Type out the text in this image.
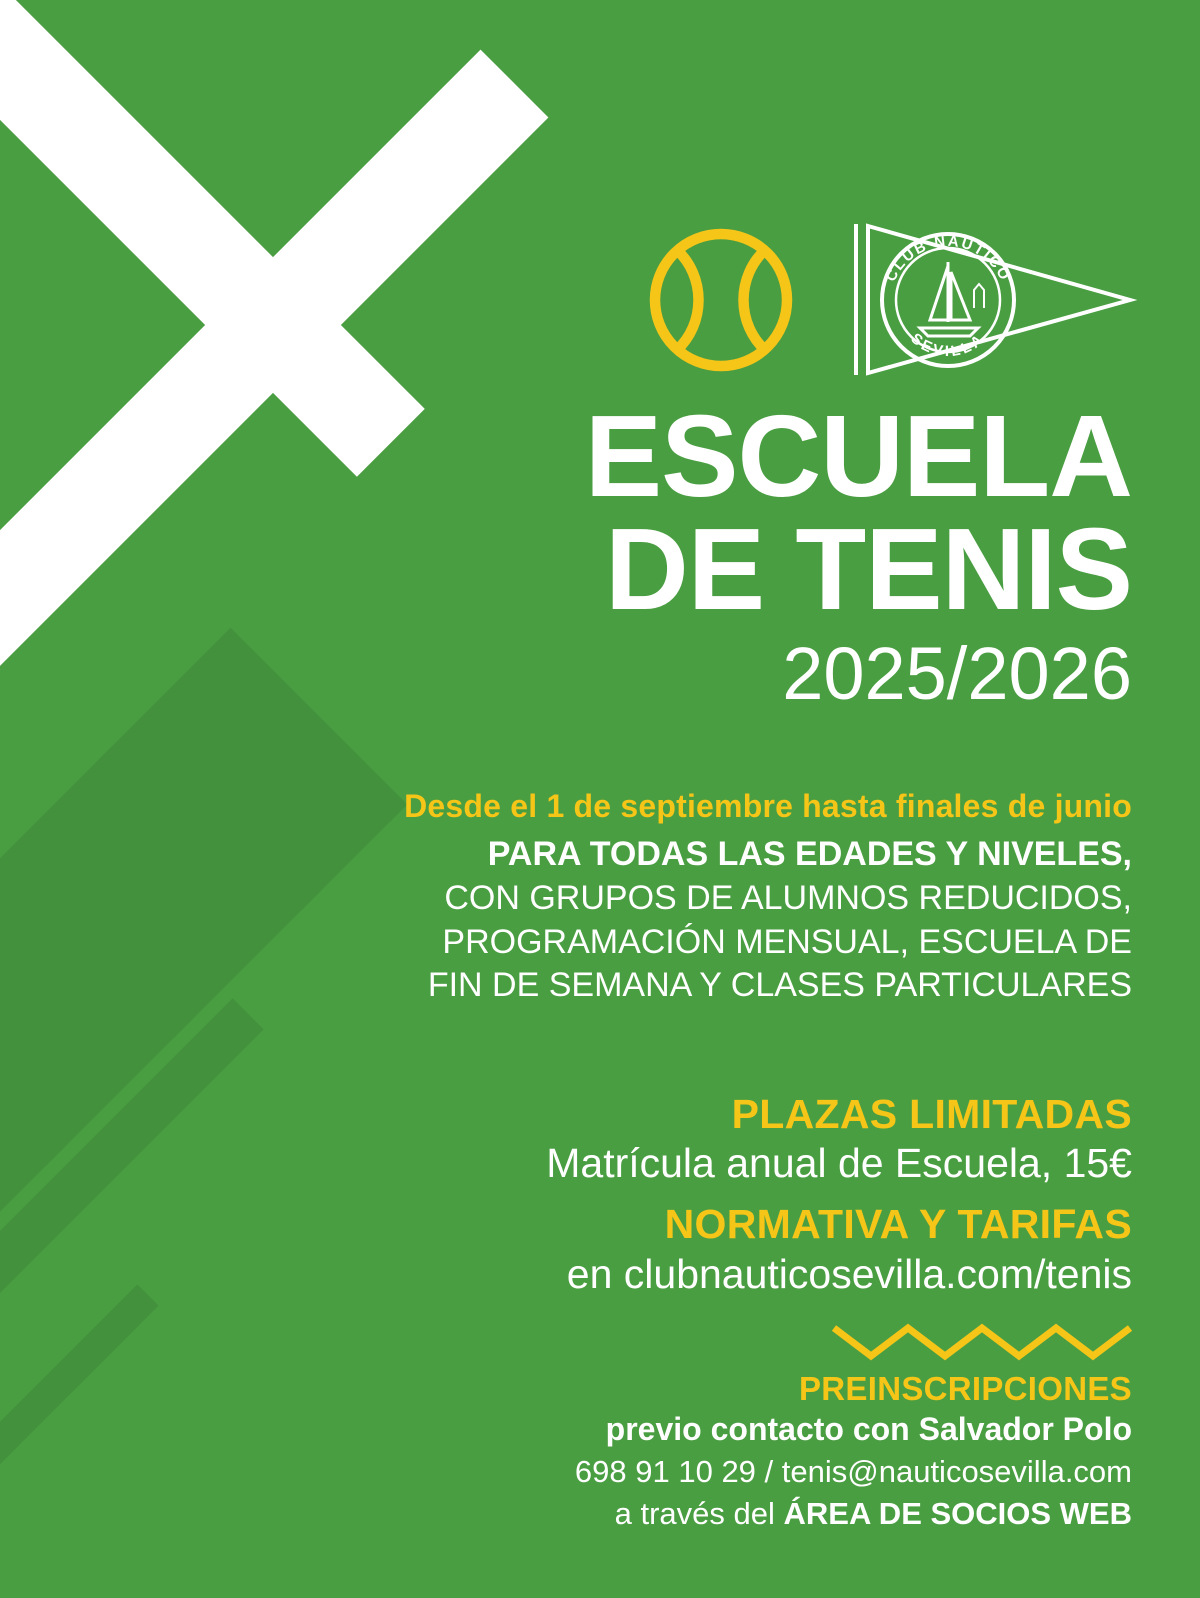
CLUB NÁUTICO
SEVILLA
ESCUELA
DE TENIS
2025/2026
Desde el 1 de septiembre hasta finales de junio
PARA TODAS LAS EDADES Y NIVELES,
CON GRUPOS DE ALUMNOS REDUCIDOS,
PROGRAMACIÓN MENSUAL, ESCUELA DE
FIN DE SEMANA Y CLASES PARTICULARES
PLAZAS LIMITADAS
Matrícula anual de Escuela, 15€
NORMATIVA Y TARIFAS
en clubnauticosevilla.com/tenis
PREINSCRIPCIONES
previo contacto con Salvador Polo
698 91 10 29 / tenis@nauticosevilla.com
a través del ÁREA DE SOCIOS WEB
